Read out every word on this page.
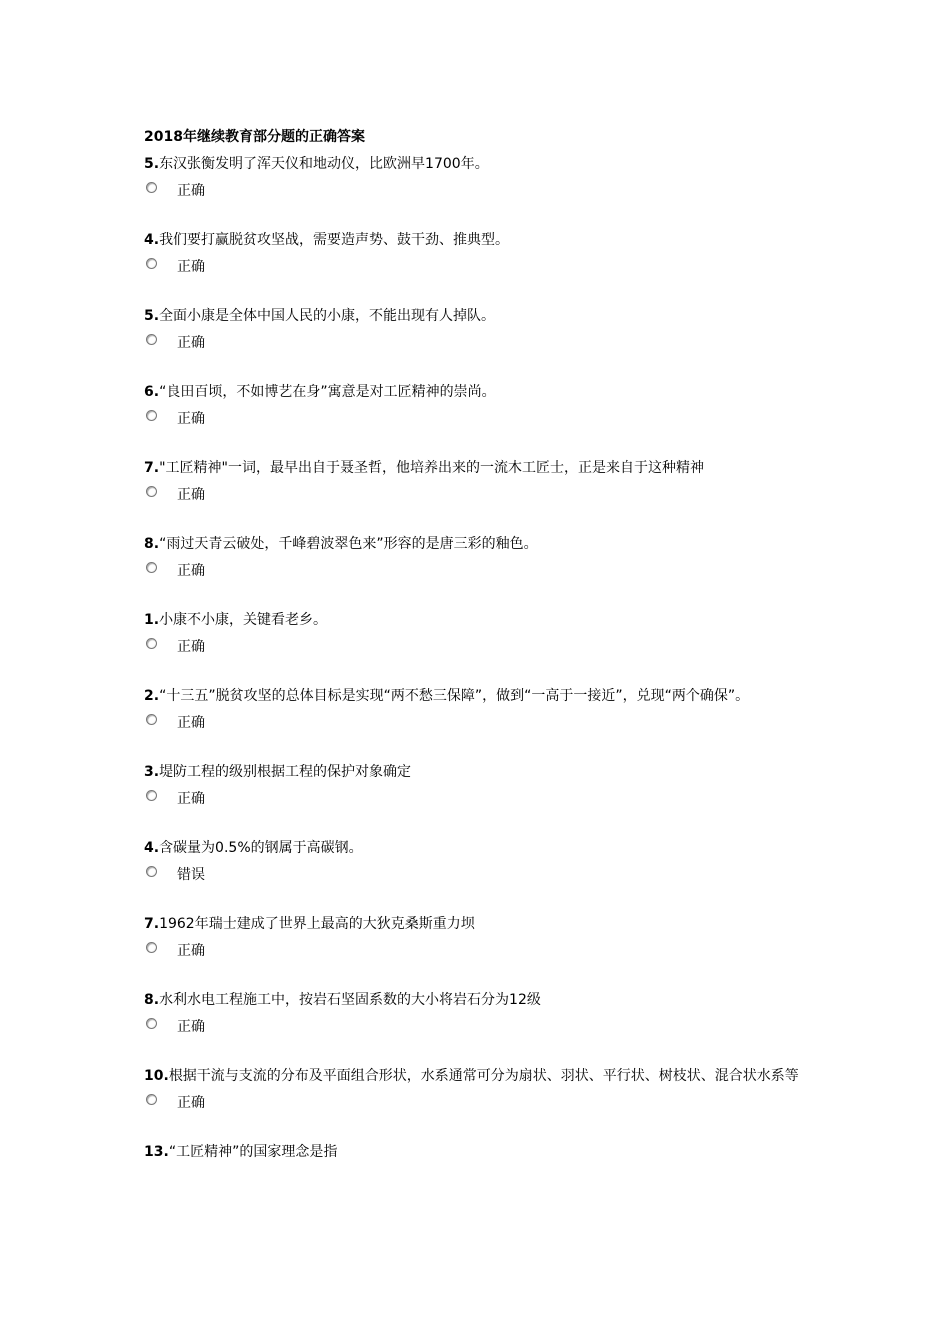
2018年继续教育部分题的正确答案
5.东汉张衡发明了浑天仪和地动仪，比欧洲早1700年。
正确
4.我们要打赢脱贫攻坚战，需要造声势、鼓干劲、推典型。
正确
5.全面小康是全体中国人民的小康，不能出现有人掉队。
正确
6.“良田百顷，不如博艺在身”寓意是对工匠精神的崇尚。
正确
7."工匠精神"一词，最早出自于聂圣哲，他培养出来的一流木工匠士，正是来自于这种精神
正确
8.“雨过天青云破处，千峰碧波翠色来”形容的是唐三彩的釉色。
正确
1.小康不小康，关键看老乡。
正确
2.“十三五”脱贫攻坚的总体目标是实现“两不愁三保障”，做到“一高于一接近”，兑现“两个确保”。
正确
3.堤防工程的级别根据工程的保护对象确定
正确
4.含碳量为0.5%的钢属于高碳钢。
错误
7.1962年瑞士建成了世界上最高的大狄克桑斯重力坝
正确
8.水利水电工程施工中，按岩石坚固系数的大小将岩石分为12级
正确
10.根据干流与支流的分布及平面组合形状，水系通常可分为扇状、羽状、平行状、树枝状、混合状水系等
正确
13.“工匠精神”的国家理念是指
